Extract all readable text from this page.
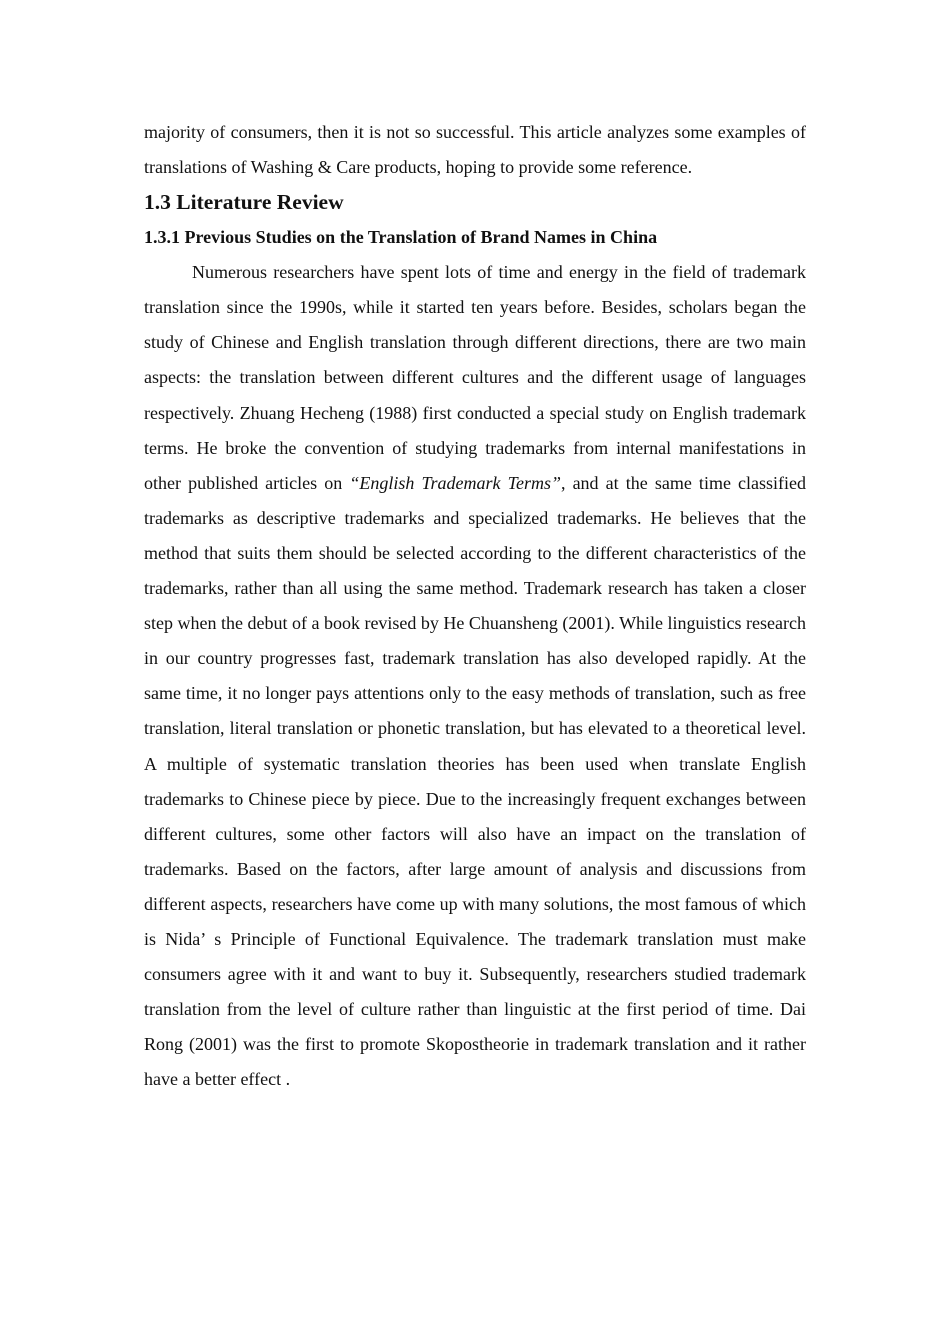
majority of consumers, then it is not so successful. This article analyzes some examples of translations of Washing & Care products, hoping to provide some reference.

1.3 Literature Review
1.3.1 Previous Studies on the Translation of Brand Names in China

Numerous researchers have spent lots of time and energy in the field of trademark translation since the 1990s, while it started ten years before. Besides, scholars began the study of Chinese and English translation through different directions, there are two main aspects: the translation between different cultures and the different usage of languages respectively. Zhuang Hecheng (1988) first conducted a special study on English trademark terms. He broke the convention of studying trademarks from internal manifestations in other published articles on “English Trademark Terms”, and at the same time classified trademarks as descriptive trademarks and specialized trademarks. He believes that the method that suits them should be selected according to the different characteristics of the trademarks, rather than all using the same method. Trademark research has taken a closer step when the debut of a book revised by He Chuansheng (2001). While linguistics research in our country progresses fast, trademark translation has also developed rapidly. At the same time, it no longer pays attentions only to the easy methods of translation, such as free translation, literal translation or phonetic translation, but has elevated to a theoretical level. A multiple of systematic translation theories has been used when translate English trademarks to Chinese piece by piece. Due to the increasingly frequent exchanges between different cultures, some other factors will also have an impact on the translation of trademarks. Based on the factors, after large amount of analysis and discussions from different aspects, researchers have come up with many solutions, the most famous of which is Nida’ s Principle of Functional Equivalence. The trademark translation must make consumers agree with it and want to buy it. Subsequently, researchers studied trademark translation from the level of culture rather than linguistic at the first period of time. Dai Rong (2001) was the first to promote Skopostheorie in trademark translation and it rather have a better effect .
